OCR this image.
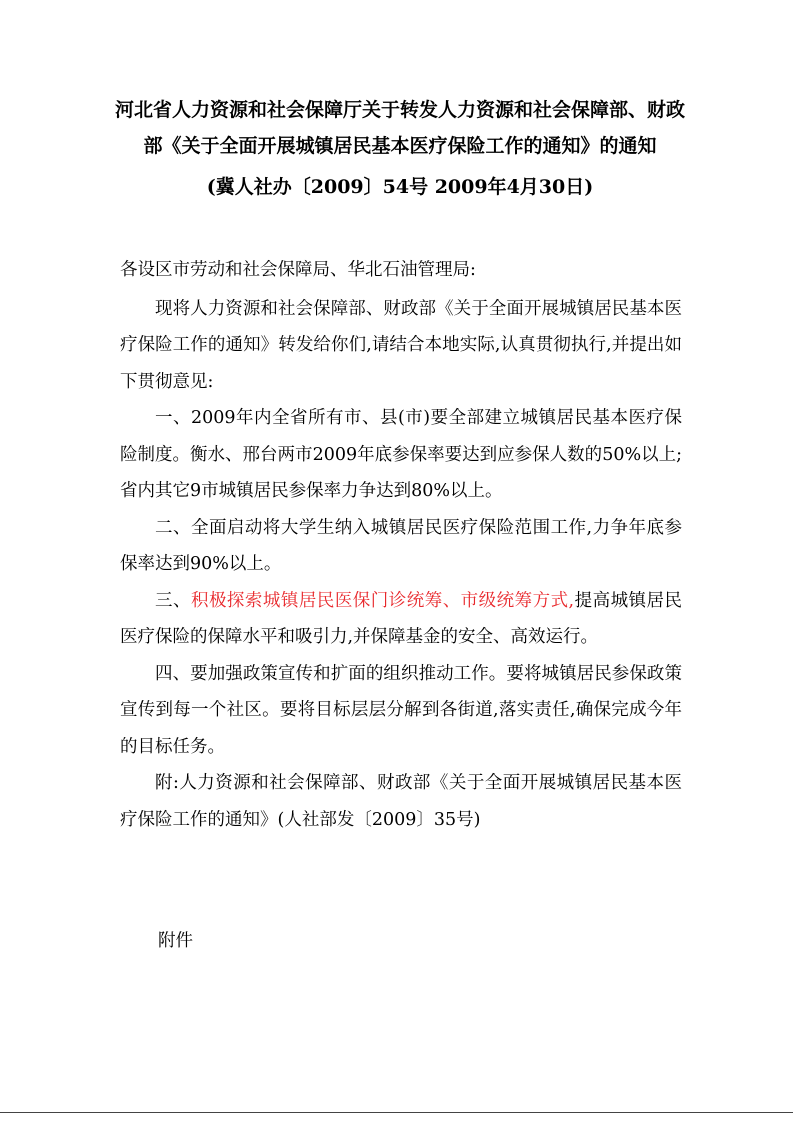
河北省人力资源和社会保障厅关于转发人力资源和社会保障部、财政
部《关于全面开展城镇居民基本医疗保险工作的通知》的通知
(冀人社办〔2009〕54号 2009年4月30日)

各设区市劳动和社会保障局、华北石油管理局:

现将人力资源和社会保障部、财政部《关于全面开展城镇居民基本医疗保险工作的通知》转发给你们,请结合本地实际,认真贯彻执行,并提出如下贯彻意见:

一、2009年内全省所有市、县(市)要全部建立城镇居民基本医疗保险制度。衡水、邢台两市2009年底参保率要达到应参保人数的50%以上;省内其它9市城镇居民参保率力争达到80%以上。

二、全面启动将大学生纳入城镇居民医疗保险范围工作,力争年底参保率达到90%以上。

三、积极探索城镇居民医保门诊统筹、市级统筹方式,提高城镇居民医疗保险的保障水平和吸引力,并保障基金的安全、高效运行。

四、要加强政策宣传和扩面的组织推动工作。要将城镇居民参保政策宣传到每一个社区。要将目标层层分解到各街道,落实责任,确保完成今年的目标任务。

附:人力资源和社会保障部、财政部《关于全面开展城镇居民基本医疗保险工作的通知》(人社部发〔2009〕35号)

附件
